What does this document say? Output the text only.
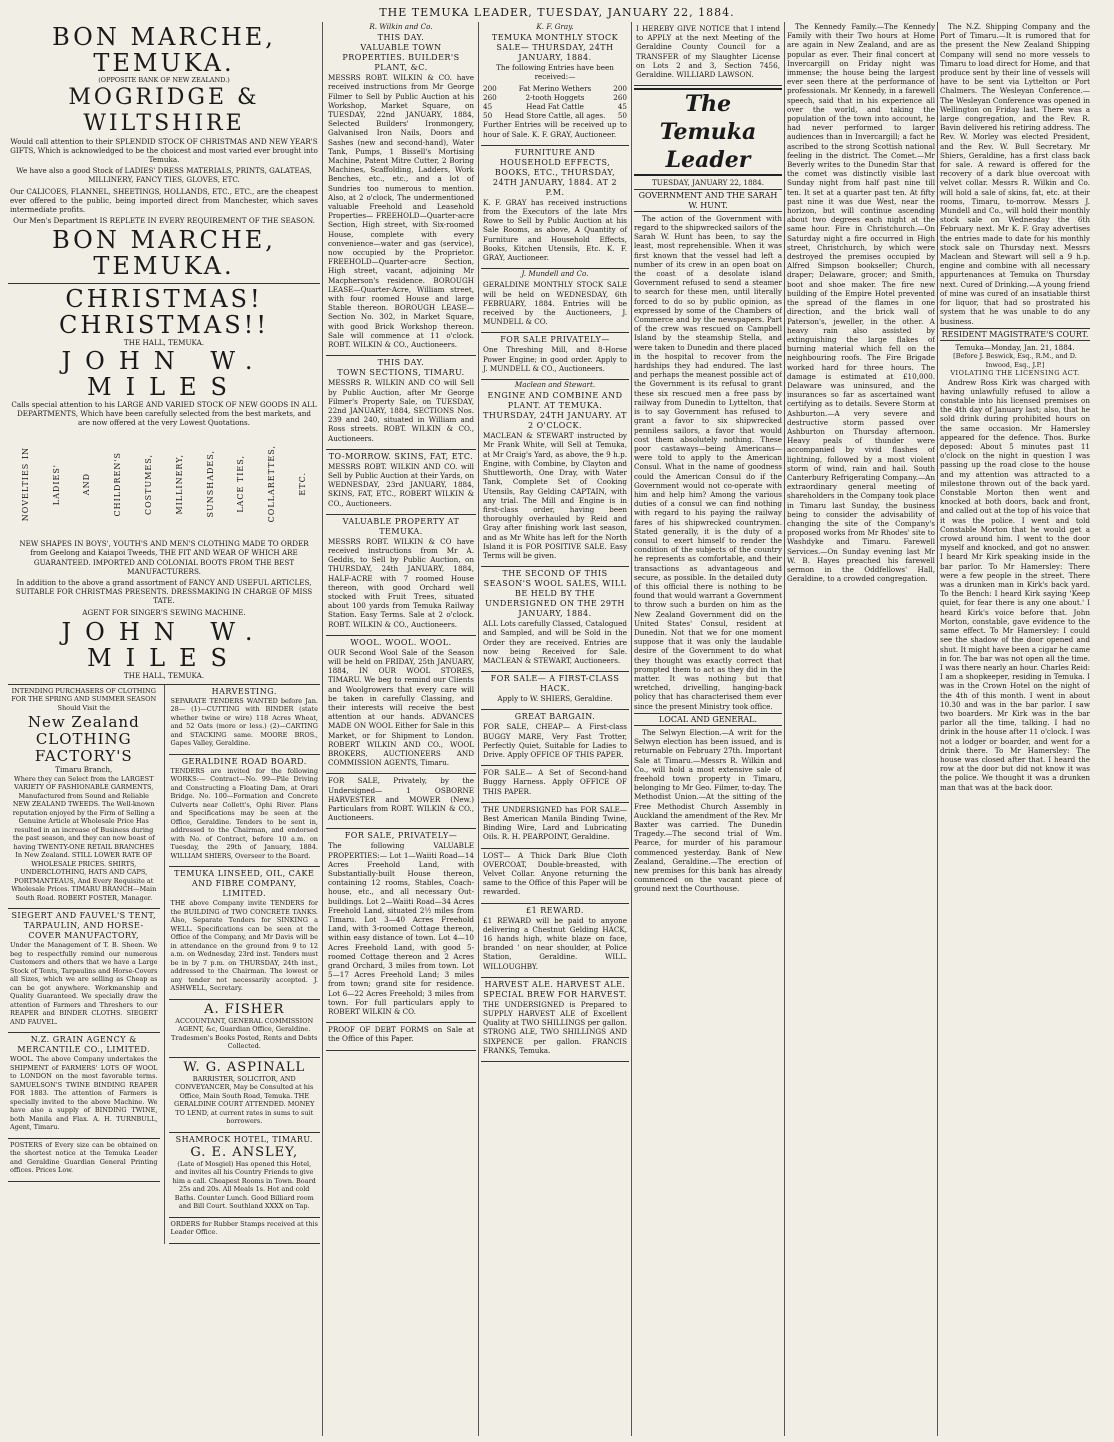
THE TEMUKA LEADER, TUESDAY, JANUARY 22, 1884.
BON MARCHE, TEMUKA.
(OPPOSITE BANK OF NEW ZEALAND.)
MOGRIDGE & WILTSHIRE

Would call attention to their SPLENDID STOCK OF CHRISTMAS AND NEW YEAR'S GIFTS, Which is acknowledged to be the choicest and most varied ever brought into Temuka.

We have also a good Stock of LADIES' DRESS MATERIALS, PRINTS, GALATEAS, MILLINERY, FANCY TIES, GLOVES, ETC.

Our CALICOES, FLANNEL, SHEETINGS, HOLLANDS, ETC., ETC., are the cheapest ever offered to the public, being imported direct from Manchester, which saves intermediate profits.

Our Men's Department IS REPLETE IN EVERY REQUIREMENT OF THE SEASON.

BON MARCHE, TEMUKA.
CHRISTMAS! CHRISTMAS!!
THE HALL, TEMUKA.
JOHN W. MILES

Calls special attention to his LARGE AND VARIED STOCK OF NEW GOODS IN ALL DEPARTMENTS, Which have been carefully selected from the best markets, and are now offered at the very Lowest Quotations.

NOVELTIES IN	LADIES'	AND	CHILDREN'S	COSTUMES,	MILLINERY,	SUNSHADES,	LACE TIES,	COLLARETTES,	ETC.

NEW SHAPES IN BOYS', YOUTH'S AND MEN'S CLOTHING MADE TO ORDER from Geelong and Kaiapoi Tweeds, THE FIT AND WEAR OF WHICH ARE GUARANTEED. IMPORTED AND COLONIAL BOOTS FROM THE BEST MANUFACTURERS.

In addition to the above a grand assortment of FANCY AND USEFUL ARTICLES, SUITABLE FOR CHRISTMAS PRESENTS. DRESSMAKING IN CHARGE OF MISS TATE.

AGENT FOR SINGER'S SEWING MACHINE.

JOHN W. MILES
THE HALL, TEMUKA.

INTENDING PURCHASERS OF CLOTHING FOR THE SPRING AND SUMMER SEASON Should Visit the

New Zealand CLOTHING FACTORY'S
Timaru Branch,

Where they can Select from the LARGEST VARIETY OF FASHIONABLE GARMENTS, Manufactured from Sound and Reliable NEW ZEALAND TWEEDS. The Well-known reputation enjoyed by the Firm of Selling a Genuine Article at Wholesale Price Has resulted in an increase of Business during the past season, and they can now boast of having TWENTY-ONE RETAIL BRANCHES In New Zealand. STILL LOWER RATE OF WHOLESALE PRICES. SHIRTS, UNDERCLOTHING, HATS AND CAPS, PORTMANTEAUS, And Every Requisite at Wholesale Prices. TIMARU BRANCH—Main South Road. ROBERT FOSTER, Manager.

SIEGERT AND FAUVEL'S TENT, TARPAULIN, AND HORSE-COVER MANUFACTORY,

Under the Management of T. B. Sheen. We beg to respectfully remind our numerous Customers and others that we have a Large Stock of Tents, Tarpaulins and Horse-Covers all Sizes, which we are selling as Cheap as can be got anywhere. Workmanship and Quality Guaranteed. We specially draw the attention of Farmers and Threshers to our REAPER and BINDER CLOTHS. SIEGERT AND FAUVEL.

N.Z. GRAIN AGENCY & MERCANTILE CO., LIMITED.

WOOL. The above Company undertakes the SHIPMENT of FARMERS' LOTS OF WOOL to LONDON on the most favorable terms. SAMUELSON'S TWINE BINDING REAPER FOR 1883. The attention of Farmers is specially invited to the above Machine. We have also a supply of BINDING TWINE, both Manila and Flax. A. H. TURNBULL, Agent, Timaru.

POSTERS of Every size can be obtained on the shortest notice at the Temuka Leader and Geraldine Guardian General Printing offices. Prices Low.

HARVESTING.

SEPARATE TENDERS WANTED before Jan. 28— (1)—CUTTING with BINDER (state whether twine or wire) 118 Acres Wheat, and 52 Oats (more or less.) (2)—CARTING and STACKING same. MOORE BROS., Gapes Valley, Geraldine.

GERALDINE ROAD BOARD.

TENDERS are invited for the following WORKS:— Contract—No. 99—Pile Driving and Constructing a Floating Dam, at Orari Bridge. No. 100—Formation and Concrete Culverts near Collett's, Ophi River. Plans and Specifications may be seen at the Office, Geraldine. Tenders to be sent in, addressed to the Chairman, and endorsed with No. of Contract, before 10 a.m. on Tuesday, the 29th of January, 1884. WILLIAM SHIERS, Overseer to the Board.

TEMUKA LINSEED, OIL, CAKE AND FIBRE COMPANY, LIMITED.

THE above Company invite TENDERS for the BUILDING of TWO CONCRETE TANKS. Also, Separate Tenders for SINKING a WELL. Specifications can be seen at the Office of the Company, and Mr Davis will be in attendance on the ground from 9 to 12 a.m. on Wednesday, 23rd inst. Tenders must be in by 7 p.m. on THURSDAY, 24th inst., addressed to the Chairman. The lowest or any tender not necessarily accepted. J. ASHWELL, Secretary.

A. FISHER

ACCOUNTANT, GENERAL COMMISSION AGENT, &c, Guardian Office, Geraldine. Tradesmen's Books Posted, Rents and Debts Collected.

W. G. ASPINALL

BARRISTER, SOLICITOR, AND CONVEYANCER, May be Consulted at his Office, Main South Road, Temuka. THE GERALDINE COURT ATTENDED. MONEY TO LEND, at current rates in sums to suit borrowers.

SHAMROCK HOTEL, TIMARU.
G. E. ANSLEY,

(Late of Mosgiel) Has opened this Hotel, and invites all his Country Friends to give him a call. Cheapest Rooms in Town. Board 25s and 20s. All Meals 1s. Hot and cold Baths. Counter Lunch. Good Billiard room and Bill Court. Southland XXXX on Tap.

ORDERS for Rubber Stamps received at this Leader Office.

R. Wilkin and Co.
THIS DAY.
VALUABLE TOWN PROPERTIES. BUILDER'S PLANT, &C.

MESSRS ROBT. WILKIN & CO. have received instructions from Mr George Filmer to Sell by Public Auction at his Workshop, Market Square, on TUESDAY, 22nd JANUARY, 1884, Selected Builders' Ironmongery, Galvanised Iron Nails, Doors and Sashes (new and second-hand), Water Tank, Pumps, 1 Bissell's Mortising Machine, Patent Mitre Cutter, 2 Boring Machines, Scaffolding, Ladders, Work Benches, etc., etc., and a lot of Sundries too numerous to mention. Also, at 2 o'clock, The undermentioned valuable Freehold and Leasehold Properties— FREEHOLD—Quarter-acre Section, High street, with Six-roomed House, complete with every convenience—water and gas (service), now occupied by the Proprietor. FREEHOLD—Quarter-acre Section, High street, vacant, adjoining Mr Macpherson's residence. BOROUGH LEASE—Quarter-Acre, William street, with four roomed House and large Stable thereon. BOROUGH LEASE—Section No. 302, in Market Square, with good Brick Workshop thereon. Sale will commence at 11 o'clock. ROBT. WILKIN & CO., Auctioneers.

THIS DAY.
TOWN SECTIONS, TIMARU.

MESSRS R. WILKIN AND CO will Sell by Public Auction, after Mr George Filmer's Property Sale, on TUESDAY, 22nd JANUARY, 1884, SECTIONS Nos. 239 and 240, situated in William and Ross streets. ROBT. WILKIN & CO., Auctioneers.

TO-MORROW. SKINS, FAT, ETC.

MESSRS ROBT. WILKIN AND CO. will Sell by Public Auction at their Yards, on WEDNESDAY, 23rd JANUARY, 1884, SKINS, FAT, ETC., ROBERT WILKIN & CO., Auctioneers.

VALUABLE PROPERTY AT TEMUKA.

MESSRS ROBT. WILKIN & CO have received instructions from Mr A. Geddis, to Sell by Public Auction, on THURSDAY, 24th JANUARY, 1884, HALF-ACRE with 7 roomed House thereon, with good Orchard well stocked with Fruit Trees, situated about 100 yards from Temuka Railway Station. Easy Terms. Sale at 2 o'clock. ROBT. WILKIN & CO., Auctioneers.

WOOL. WOOL. WOOL.

OUR Second Wool Sale of the Season will be held on FRIDAY, 25th JANUARY, 1884, IN OUR WOOL STORES, TIMARU. We beg to remind our Clients and Woolgrowers that every care will be taken in carefully Classing, and their interests will receive the best attention at our hands. ADVANCES MADE ON WOOL Either for Sale in this Market, or for Shipment to London. ROBERT WILKIN AND CO., WOOL BROKERS, AUCTIONEERS AND COMMISSION AGENTS, Timaru.

FOR SALE, Privately, by the Undersigned— 1 OSBORNE HARVESTER and MOWER (New.) Particulars from ROBT. WILKIN & CO., Auctioneers.

FOR SALE, PRIVATELY—

The following VALUABLE PROPERTIES:— Lot 1—Waiiti Road—14 Acres Freehold Land, with Substantially-built House thereon, containing 12 rooms, Stables, Coach-house, etc., and all necessary Out-buildings. Lot 2—Waiiti Road—34 Acres Freehold Land, situated 2½ miles from Timaru. Lot 3—40 Acres Freehold Land, with 3-roomed Cottage thereon, within easy distance of town. Lot 4—10 Acres Freehold Land, with good 5-roomed Cottage thereon and 2 Acres grand Orchard, 3 miles from town. Lot 5—17 Acres Freehold Land; 3 miles from town; grand site for residence. Lot 6—22 Acres Freehold; 3 miles from town. For full particulars apply to ROBERT WILKIN & CO.

PROOF OF DEBT FORMS on Sale at the Office of this Paper.

K. F. Gray.
TEMUKA MONTHLY STOCK SALE— THURSDAY, 24TH JANUARY, 1884.

The following Entries have been received:—

200	Fat Merino Wethers	200
260	2-tooth Hoggets	260
45	Head Fat Cattle	45
50 Head Store Cattle, all ages. 50

Further Entries will be received up to hour of Sale. K. F. GRAY, Auctioneer.

FURNITURE AND HOUSEHOLD EFFECTS, BOOKS, ETC., THURSDAY, 24TH JANUARY, 1884. AT 2 P.M.

K. F. GRAY has received instructions from the Executors of the late Mrs Rowe to Sell by Public Auction at his Sale Rooms, as above, A Quantity of Furniture and Household Effects, Books, Kitchen Utensils, Etc. K. F. GRAY, Auctioneer.

J. Mundell and Co.

GERALDINE MONTHLY STOCK SALE will be held on WEDNESDAY, 6th FEBRUARY, 1884. Entries will be received by the Auctioneers, J. MUNDELL & CO.

FOR SALE PRIVATELY—

One Threshing Mill, and 8-Horse Power Engine; in good order. Apply to J. MUNDELL & CO., Auctioneers.

Maclean and Stewart.
ENGINE AND COMBINE AND PLANT. AT TEMUKA. THURSDAY, 24TH JANUARY. AT 2 O'CLOCK.

MACLEAN & STEWART instructed by Mr Frank White, will Sell at Temuka, at Mr Craig's Yard, as above, the 9 h.p. Engine, with Combine, by Clayton and Shuttleworth, One Dray, with Water Tank, Complete Set of Cooking Utensils, Ray Gelding CAPTAIN, with any trial. The Mill and Engine is in first-class order, having been thoroughly overhauled by Reid and Gray after finishing work last season, and as Mr White has left for the North Island it is FOR POSITIVE SALE. Easy Terms will be given.

THE SECOND OF THIS SEASON'S WOOL SALES, WILL BE HELD BY THE UNDERSIGNED ON THE 29TH JANUARY, 1884.

ALL Lots carefully Classed, Catalogued and Sampled, and will be Sold in the Order they are received. Entries are now being Received for Sale. MACLEAN & STEWART, Auctioneers.

FOR SALE— A FIRST-CLASS HACK.

Apply to W. SHIERS, Geraldine.

GREAT BARGAIN.

FOR SALE, CHEAP— A First-class BUGGY MARE, Very Fast Trotter, Perfectly Quiet, Suitable for Ladies to Drive. Apply OFFICE OF THIS PAPER.

FOR SALE— A Set of Second-hand Buggy Harness. Apply OFFICE OF THIS PAPER.

THE UNDERSIGNED has FOR SALE— Best American Manila Binding Twine, Binding Wire, Lard and Lubricating Oils. R. H. PEARPOINT, Geraldine.

LOST— A Thick Dark Blue Cloth OVERCOAT, Double-breasted, with Velvet Collar. Anyone returning the same to the Office of this Paper will be rewarded.

£1 REWARD.

£1 REWARD will be paid to anyone delivering a Chestnut Gelding HACK, 16 hands high, white blaze on face, branded ' on near shoulder, at Police Station, Geraldine. WILL. WILLOUGHBY.

HARVEST ALE. HARVEST ALE.
SPECIAL BREW FOR HARVEST.

THE UNDERSIGNED is Prepared to SUPPLY HARVEST ALE of Excellent Quality at TWO SHILLINGS per gallon. STRONG ALE, TWO SHILLINGS AND SIXPENCE per gallon. FRANCIS FRANKS, Temuka.

I HEREBY GIVE NOTICE that I intend to APPLY at the next Meeting of the Geraldine County Council for a TRANSFER of my Slaughter License on Lots 2 and 3, Section 7456, Geraldine. WILLIARD LAWSON.

The Temuka Leader
TUESDAY, JANUARY 22, 1884.
GOVERNMENT AND THE SARAH W. HUNT.

The action of the Government with regard to the shipwrecked sailors of the Sarah W. Hunt has been, to say the least, most reprehensible. When it was first known that the vessel had left a number of its crew in an open boat on the coast of a desolate island Government refused to send a steamer to search for these men, until literally forced to do so by public opinion, as expressed by some of the Chambers of Commerce and by the newspapers. Part of the crew was rescued on Campbell Island by the steamship Stella, and were taken to Dunedin and there placed in the hospital to recover from the hardships they had endured. The last and perhaps the meanest possible act of the Government is its refusal to grant these six rescued men a free pass by railway from Dunedin to Lyttelton, that is to say Government has refused to grant a favor to six shipwrecked penniless sailors, a favor that would cost them absolutely nothing. These poor castaways—being Americans—were told to apply to the American Consul. What in the name of goodness could the American Consul do if the Government would not co-operate with him and help him? Among the various duties of a consul we can find nothing with regard to his paying the railway fares of his shipwrecked countrymen. Stated generally, it is the duty of a consul to exert himself to render the condition of the subjects of the country he represents as comfortable, and their transactions as advantageous and secure, as possible. In the detailed duty of this official there is nothing to be found that would warrant a Government to throw such a burden on him as the New Zealand Government did on the United States' Consul, resident at Dunedin. Not that we for one moment suppose that it was only the laudable desire of the Government to do what they thought was exactly correct that prompted them to act as they did in the matter. It was nothing but that wretched, drivelling, hanging-back policy that has characterised them ever since the present Ministry took office.

LOCAL AND GENERAL.

The Selwyn Election.—A writ for the Selwyn election has been issued, and is returnable on February 27th. Important Sale at Timaru.—Messrs R. Wilkin and Co., will hold a most extensive sale of freehold town property in Timaru, belonging to Mr Geo. Filmer, to-day. The Methodist Union.—At the sitting of the Free Methodist Church Assembly in Auckland the amendment of the Rev. Mr Baxter was carried. The Dunedin Tragedy.—The second trial of Wm. Pearce, for murder of his paramour commenced yesterday. Bank of New Zealand, Geraldine.—The erection of new premises for this bank has already commenced on the vacant piece of ground next the Courthouse.

The Kennedy Family.—The Kennedy Family with their Two hours at Home are again in New Zealand, and are as popular as ever. Their final concert at Invercargill on Friday night was immense; the house being the largest ever seen there at the performance of professionals. Mr Kennedy, in a farewell speech, said that in his experience all over the world, and taking the population of the town into account, he had never performed to larger audiences than in Invercargill; a fact he ascribed to the strong Scottish national feeling in the district. The Comet.—Mr Beverly writes to the Dunedin Star that the comet was distinctly visible last Sunday night from half past nine till ten. It set at a quarter past ten. At fifty past nine it was due West, near the horizon, but will continue ascending about two degrees each night at the same hour. Fire in Christchurch.—On Saturday night a fire occurred in High street, Christchurch, by which were destroyed the premises occupied by Alfred Simpson bookseller; Church, draper; Delaware, grocer; and Smith, boot and shoe maker. The fire new building of the Empire Hotel prevented the spread of the flames in one direction, and the brick wall of Paterson's, jeweller, in the other. A heavy rain also assisted by extinguishing the large flakes of burning material which fell on the neighbouring roofs. The Fire Brigade worked hard for three hours. The damage is estimated at £10,000. Delaware was uninsured, and the insurances so far as ascertained want certifying as to details. Severe Storm at Ashburton.—A very severe and destructive storm passed over Ashburton on Thursday afternoon. Heavy peals of thunder were accompanied by vivid flashes of lightning, followed by a most violent storm of wind, rain and hail. South Canterbury Refrigerating Company.—An extraordinary general meeting of shareholders in the Company took place in Timaru last Sunday, the business being to consider the advisability of changing the site of the Company's proposed works from Mr Rhodes' site to Washdyke and Timaru. Farewell Services.—On Sunday evening last Mr W. B. Hayes preached his farewell sermon in the Oddfellows' Hall, Geraldine, to a crowded congregation.

The N.Z. Shipping Company and the Port of Timaru.—It is rumored that for the present the New Zealand Shipping Company will send no more vessels to Timaru to load direct for Home, and that produce sent by their line of vessels will have to be sent via Lyttelton or Port Chalmers. The Wesleyan Conference.—The Wesleyan Conference was opened in Wellington on Friday last. There was a large congregation, and the Rev. R. Bavin delivered his retiring address. The Rev. W. Morley was elected President, and the Rev. W. Bull Secretary. Mr Shiers, Geraldine, has a first class back for sale. A reward is offered for the recovery of a dark blue overcoat with velvet collar. Messrs R. Wilkin and Co. will hold a sale of skins, fat, etc. at their rooms, Timaru, to-morrow. Messrs J. Mundell and Co., will hold their monthly stock sale on Wednesday the 6th February next. Mr K. F. Gray advertises the entries made to date for his monthly stock sale on Thursday next. Messrs Maclean and Stewart will sell a 9 h.p. engine and combine with all necessary appurtenances at Temuka on Thursday next. Cured of Drinking.—A young friend of mine was cured of an insatiable thirst for liquor, that had so prostrated his system that he was unable to do any business.

RESIDENT MAGISTRATE'S COURT.
Temuka—Monday, Jan. 21, 1884.
[Before J. Beswick, Esq., R.M., and D. Inwood, Esq., J.P.]
VIOLATING THE LICENSING ACT.

Andrew Ross Kirk was charged with having unlawfully refused to allow a constable into his licensed premises on the 4th day of January last; also, that he sold drink during prohibited hours on the same occasion. Mr Hamersley appeared for the defence. Thos. Burke deposed: About 5 minutes past 11 o'clock on the night in question I was passing up the road close to the house and my attention was attracted to a milestone thrown out of the back yard. Constable Morton then went and knocked at both doors, back and front, and called out at the top of his voice that it was the police. I went and told Constable Morton that he would get a crowd around him. I went to the door myself and knocked, and got no answer. I heard Mr Kirk speaking inside in the bar parlor. To Mr Hamersley: There were a few people in the street. There was a drunken man in Kirk's back yard. To the Bench: I heard Kirk saying 'Keep quiet, for fear there is any one about.' I heard Kirk's voice before that. John Morton, constable, gave evidence to the same effect. To Mr Hamersley: I could see the shadow of the door opened and shut. It might have been a cigar he came in for. The bar was not open all the time. I was there nearly an hour. Charles Reid: I am a shopkeeper, residing in Temuka. I was in the Crown Hotel on the night of the 4th of this month. I went in about 10.30 and was in the bar parlor. I saw two boarders. Mr Kirk was in the bar parlor all the time, talking. I had no drink in the house after 11 o'clock. I was not a lodger or boarder, and went for a drink there. To Mr Hamersley: The house was closed after that. I heard the row at the door but did not know it was the police. We thought it was a drunken man that was at the back door.
